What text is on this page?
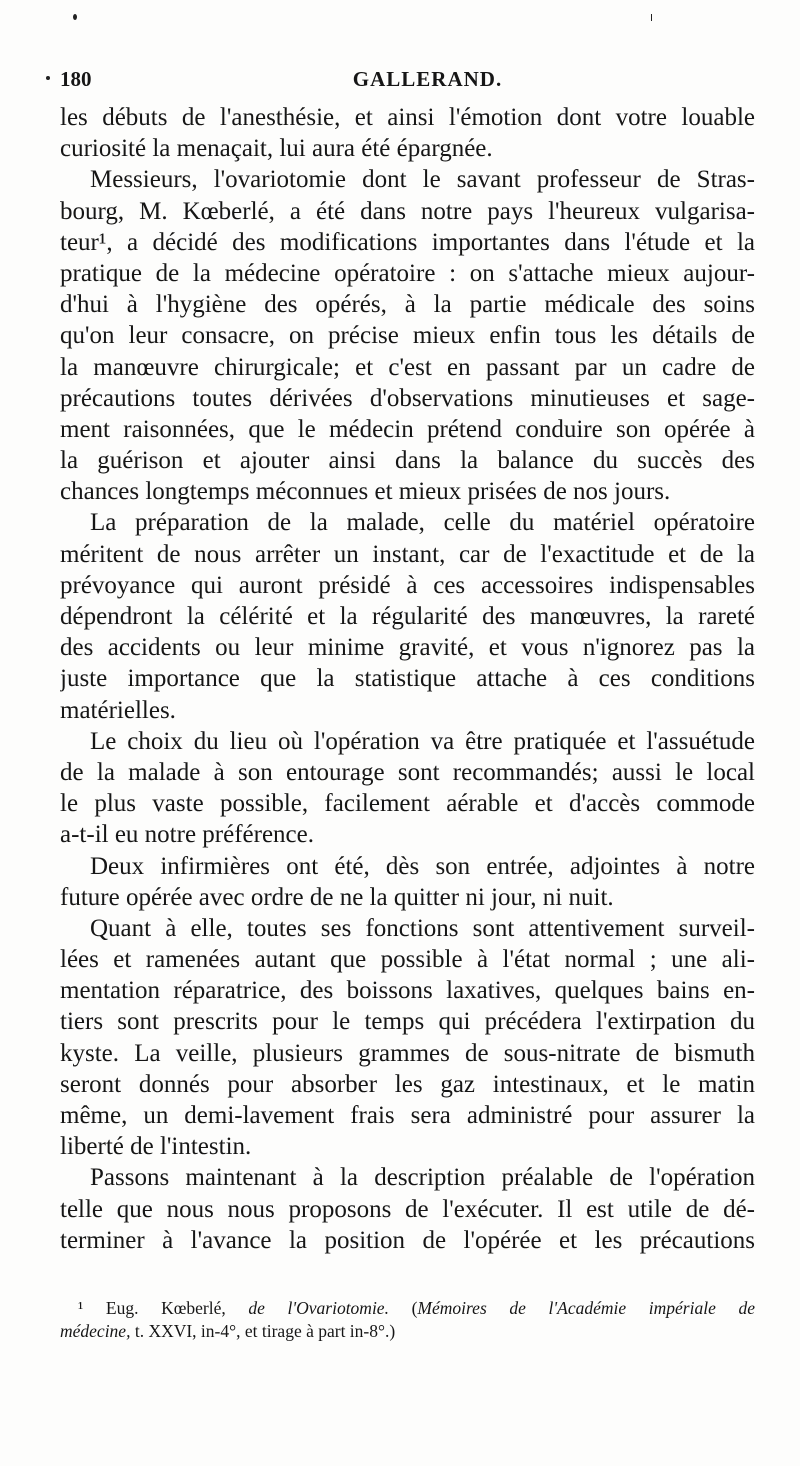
180	GALLERAND.
les débuts de l'anesthésie, et ainsi l'émotion dont votre louable
curiosité la menaçait, lui aura été épargnée.
Messieurs, l'ovariotomie dont le savant professeur de Stras-
bourg, M. Kœberlé, a été dans notre pays l'heureux vulgarisa-
teur¹, a décidé des modifications importantes dans l'étude et la
pratique de la médecine opératoire : on s'attache mieux aujour-
d'hui à l'hygiène des opérés, à la partie médicale des soins
qu'on leur consacre, on précise mieux enfin tous les détails de
la manœuvre chirurgicale; et c'est en passant par un cadre de
précautions toutes dérivées d'observations minutieuses et sage-
ment raisonnées, que le médecin prétend conduire son opérée à
la guérison et ajouter ainsi dans la balance du succès des
chances longtemps méconnues et mieux prisées de nos jours.
La préparation de la malade, celle du matériel opératoire
méritent de nous arrêter un instant, car de l'exactitude et de la
prévoyance qui auront présidé à ces accessoires indispensables
dépendront la célérité et la régularité des manœuvres, la rareté
des accidents ou leur minime gravité, et vous n'ignorez pas la
juste importance que la statistique attache à ces conditions
matérielles.
Le choix du lieu où l'opération va être pratiquée et l'assuétude
de la malade à son entourage sont recommandés; aussi le local
le plus vaste possible, facilement aérable et d'accès commode
a-t-il eu notre préférence.
Deux infirmières ont été, dès son entrée, adjointes à notre
future opérée avec ordre de ne la quitter ni jour, ni nuit.
Quant à elle, toutes ses fonctions sont attentivement surveil-
lées et ramenées autant que possible à l'état normal ; une ali-
mentation réparatrice, des boissons laxatives, quelques bains en-
tiers sont prescrits pour le temps qui précédera l'extirpation du
kyste. La veille, plusieurs grammes de sous-nitrate de bismuth
seront donnés pour absorber les gaz intestinaux, et le matin
même, un demi-lavement frais sera administré pour assurer la
liberté de l'intestin.
Passons maintenant à la description préalable de l'opération
telle que nous nous proposons de l'exécuter. Il est utile de dé-
terminer à l'avance la position de l'opérée et les précautions
¹ Eug. Kœberlé, de l'Ovariotomie. (Mémoires de l'Académie impériale de
médecine, t. XXVI, in-4°, et tirage à part in-8°.)
